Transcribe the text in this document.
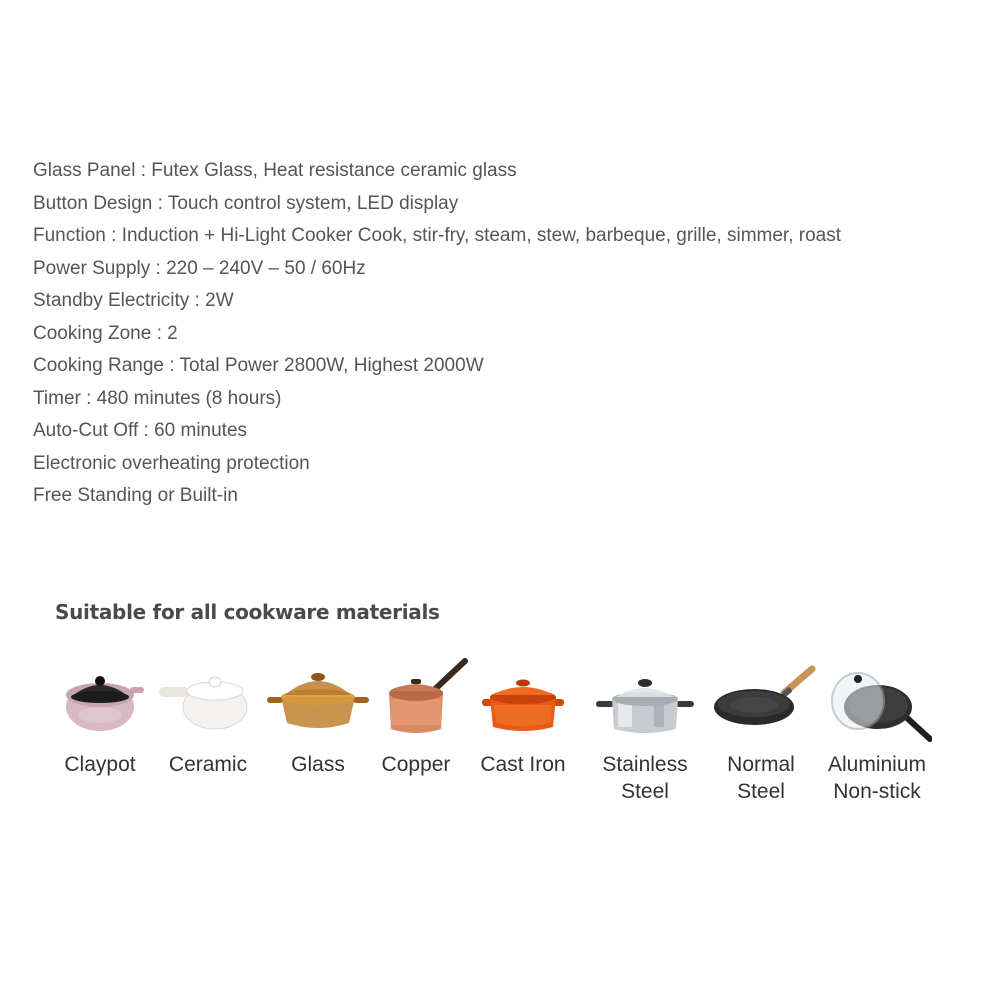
Glass Panel : Futex Glass, Heat resistance ceramic glass
Button Design : Touch control system, LED display
Function : Induction + Hi-Light Cooker Cook, stir-fry, steam, stew, barbeque, grille, simmer, roast
Power Supply : 220 – 240V – 50 / 60Hz
Standby Electricity : 2W
Cooking Zone : 2
Cooking Range : Total Power 2800W, Highest 2000W
Timer : 480 minutes (8 hours)
Auto-Cut Off : 60 minutes
Electronic overheating protection
Free Standing or Built-in
Suitable for all cookware materials
Claypot	Ceramic	Glass	Copper	Cast Iron	Stainless
Steel
Normal
Steel
Aluminium
Non-stick
